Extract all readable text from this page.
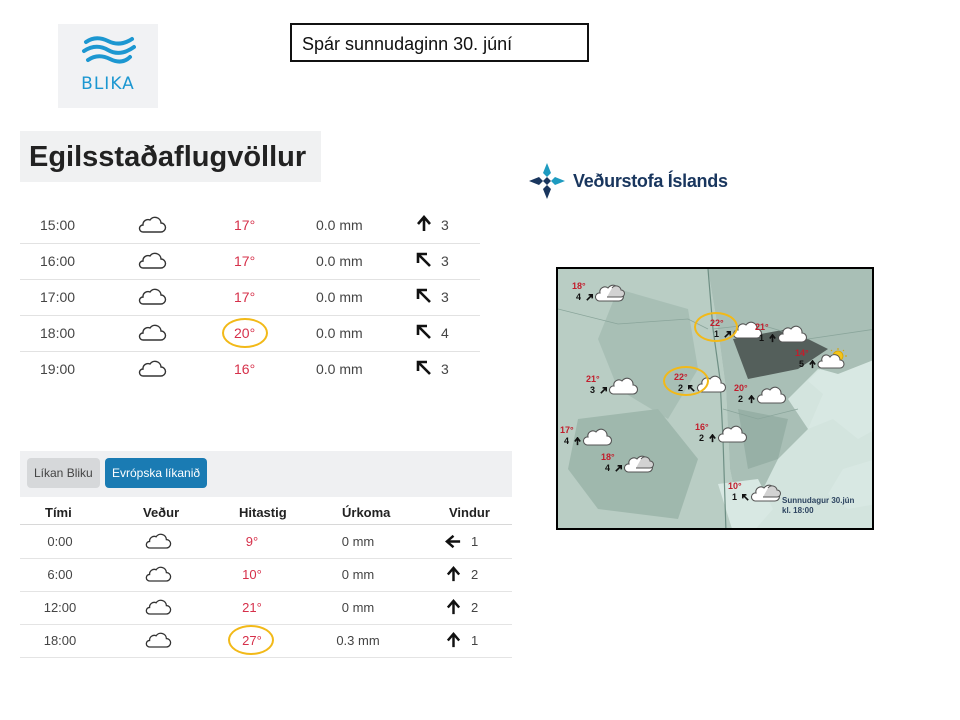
BLIKA
Spár sunnudaginn 30. júní
Egilsstaðaflugvöllur
Veðurstofa Íslands
15:00	17°	0.0 mm	3
16:00	17°	0.0 mm	3
17:00	17°	0.0 mm	3
18:00	20°	0.0 mm	4
19:00	16°	0.0 mm	3
Líkan Bliku	Evrópska líkanið
Tími	Veður	Hitastig	Úrkoma	Vindur
0:00	9°	0 mm	1
6:00	10°	0 mm	2
12:00	21°	0 mm	2
18:00	27°	0.3 mm	1
18°
4
22°
1
21°
1
14°
5
21°
3
22°
2	20°
2
17°
4
16°
2
18°
4
10°
1	Sunnudagur 30.jún
kl. 18:00
